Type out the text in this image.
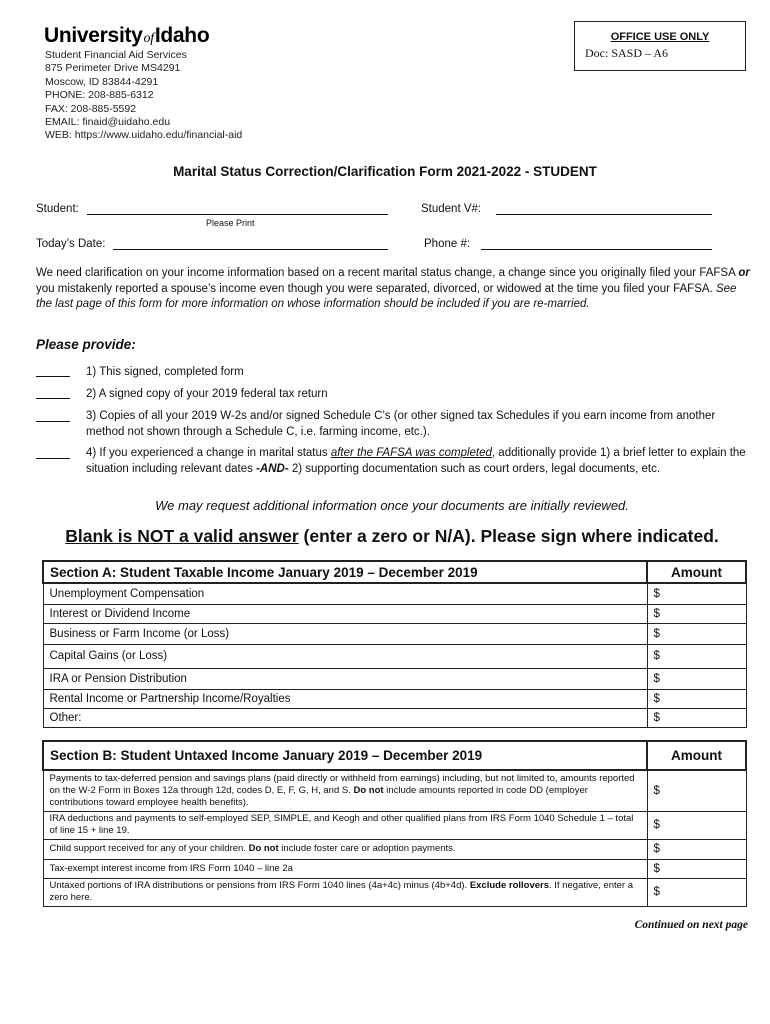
UniversityofIdaho
Student Financial Aid Services
875 Perimeter Drive MS4291
Moscow, ID 83844-4291
PHONE: 208-885-6312
FAX: 208-885-5592
EMAIL: finaid@uidaho.edu
WEB: https://www.uidaho.edu/financial-aid
OFFICE USE ONLY
Doc: SASD – A6
Marital Status Correction/Clarification Form 2021-2022 - STUDENT
Student:
Please Print
Student V#:
Today’s Date:	Phone #:
We need clarification on your income information based on a recent marital status change, a change since you originally filed your FAFSA or you mistakenly reported a spouse’s income even though you were separated, divorced, or widowed at the time you filed your FAFSA. See the last page of this form for more information on whose information should be included if you are re-married.
Please provide:
1) This signed, completed form
2) A signed copy of your 2019 federal tax return
3) Copies of all your 2019 W-2s and/or signed Schedule C’s (or other signed tax Schedules if you earn income from another method not shown through a Schedule C, i.e. farming income, etc.).
4) If you experienced a change in marital status after the FAFSA was completed, additionally provide 1) a brief letter to explain the situation including relevant dates -AND- 2) supporting documentation such as court orders, legal documents, etc.
We may request additional information once your documents are initially reviewed.
Blank is NOT a valid answer (enter a zero or N/A). Please sign where indicated.
Section A: Student Taxable Income January 2019 – December 2019	Amount
Unemployment Compensation	$
Interest or Dividend Income	$
Business or Farm Income (or Loss)	$
Capital Gains (or Loss)	$
IRA or Pension Distribution	$
Rental Income or Partnership Income/Royalties	$
Other:	$
Section B: Student Untaxed Income January 2019 – December 2019	Amount
Payments to tax-deferred pension and savings plans (paid directly or withheld from earnings) including, but not limited to, amounts reported on the W-2 Form in Boxes 12a through 12d, codes D, E, F, G, H, and S. Do not include amounts reported in code DD (employer contributions toward employee health benefits).	$
IRA deductions and payments to self-employed SEP, SIMPLE, and Keogh and other qualified plans from IRS Form 1040 Schedule 1 – total of line 15 + line 19.	$
Child support received for any of your children. Do not include foster care or adoption payments.	$
Tax-exempt interest income from IRS Form 1040 – line 2a	$
Untaxed portions of IRA distributions or pensions from IRS Form 1040 lines (4a+4c) minus (4b+4d). Exclude rollovers. If negative, enter a zero here.	$
Continued on next page
